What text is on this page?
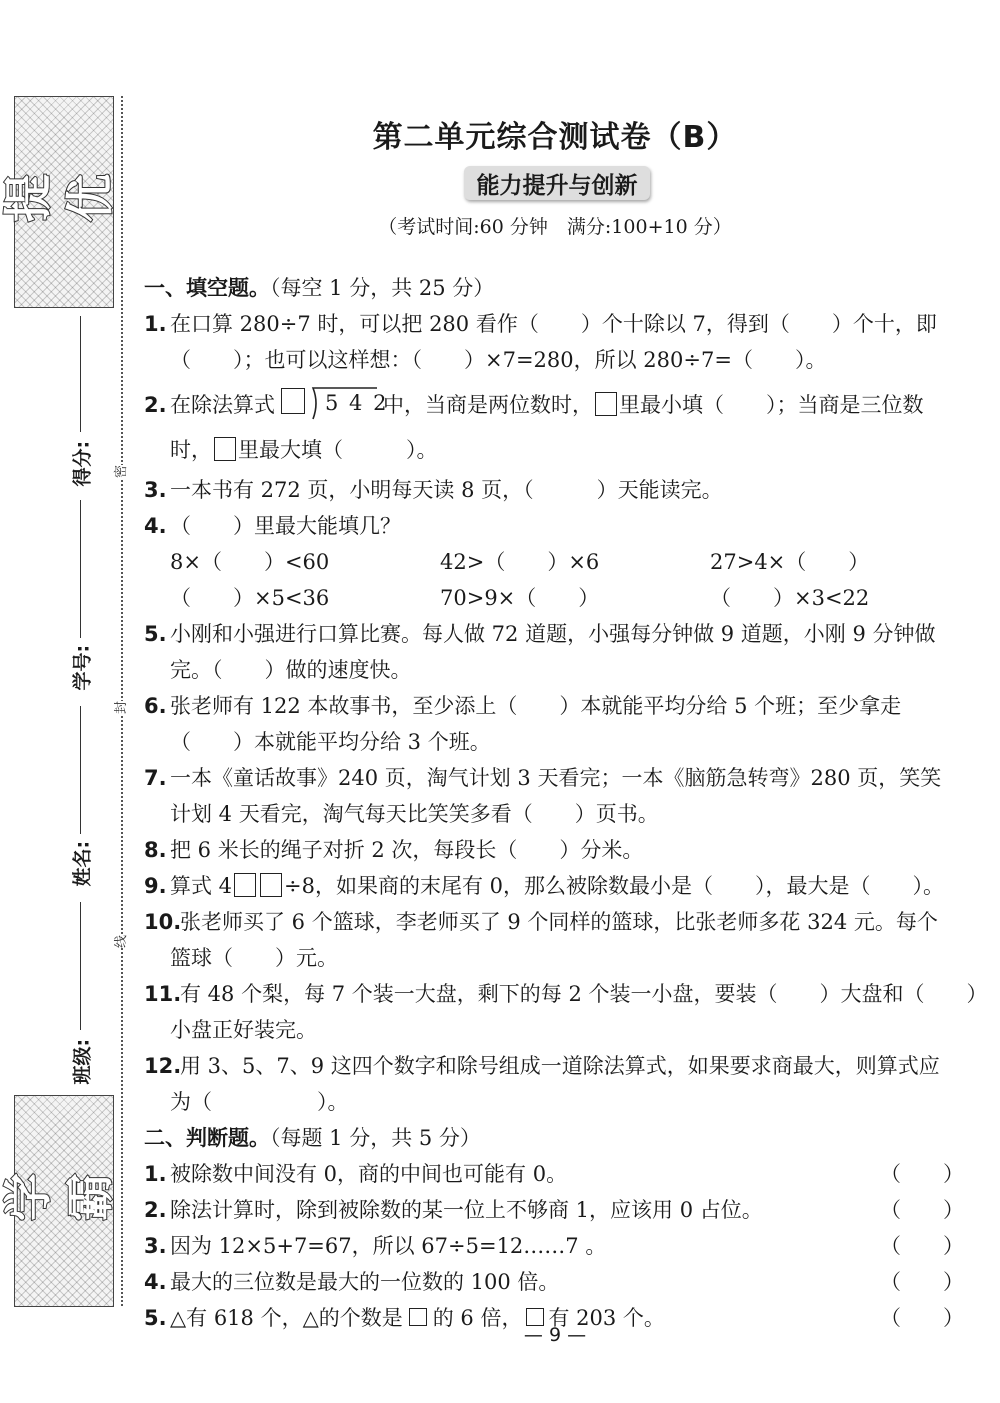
提优
学霸
密
封
线
得分:
学号:
姓名:
班级:
第二单元综合测试卷（B）
能力提升与创新
（考试时间:60 分钟　满分:100+10 分）
一、填空题。（每空 1 分，共 25 分）
1. 在口算 280÷7 时，可以把 280 看作（　　）个十除以 7，得到（　　）个十，即
（　　）；也可以这样想：（　　）×7=280，所以 280÷7=（　　）。
2. 在除法算式 5 4 2
中，当商是两位数时， 里最小填（　　）；当商是三位数
时， 里最大填（　　　）。
3. 一本书有 272 页，小明每天读 8 页，（　　　）天能读完。
4. （　　）里最大能填几？
8×（　　）<60	42>（　　）×6	27>4×（　　）
（　　）×5<36	70>9×（　　）	（　　）×3<22
5. 小刚和小强进行口算比赛。每人做 72 道题，小强每分钟做 9 道题，小刚 9 分钟做
完。（　　）做的速度快。
6. 张老师有 122 本故事书，至少添上（　　）本就能平均分给 5 个班；至少拿走
（　　）本就能平均分给 3 个班。
7. 一本《童话故事》240 页，淘气计划 3 天看完；一本《脑筋急转弯》280 页，笑笑
计划 4 天看完，淘气每天比笑笑多看（　　）页书。
8. 把 6 米长的绳子对折 2 次，每段长（　　）分米。
9. 算式 4 ÷8，如果商的末尾有 0，那么被除数最小是（　　），最大是（　　）。
10.张老师买了 6 个篮球，李老师买了 9 个同样的篮球，比张老师多花 324 元。每个
篮球（　　）元。
11.有 48 个梨，每 7 个装一大盘，剩下的每 2 个装一小盘，要装（　　）大盘和（　　）
小盘正好装完。
12.用 3、5、7、9 这四个数字和除号组成一道除法算式，如果要求商最大，则算式应
为（　　　　　）。
二、判断题。（每题 1 分，共 5 分）
1. 被除数中间没有 0，商的中间也可能有 0。	（　　）
2. 除法计算时，除到被除数的某一位上不够商 1，应该用 0 占位。	（　　）
3. 因为 12×5+7=67，所以 67÷5=12……7 。	（　　）
4. 最大的三位数是最大的一位数的 100 倍。	（　　）
5. △有 618 个，△的个数是 的 6 倍， 有 203 个。	（　　）
— 9 —
